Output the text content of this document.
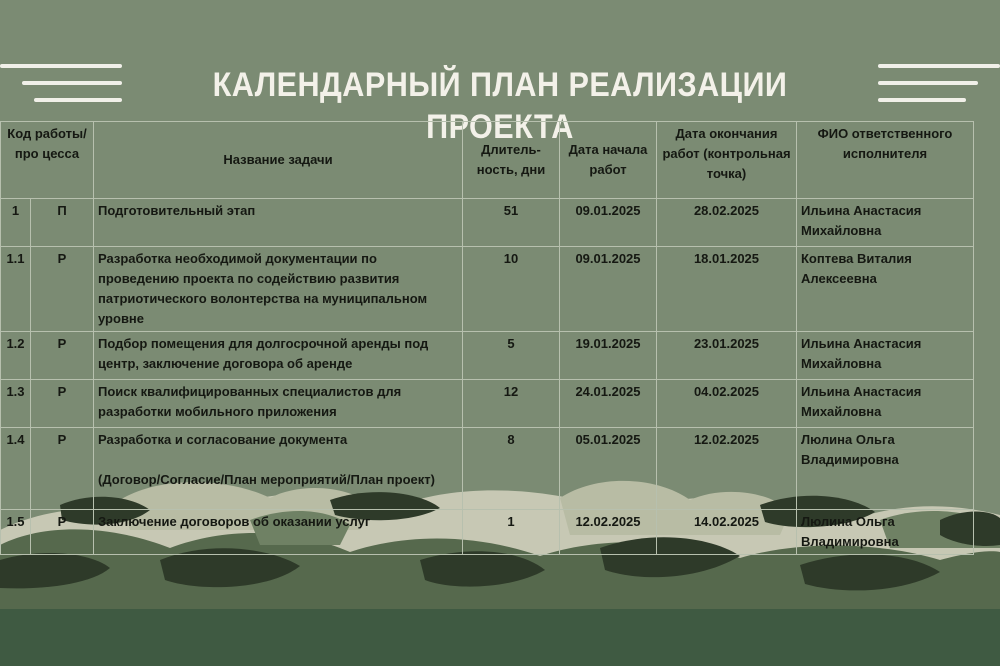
КАЛЕНДАРНЫЙ ПЛАН РЕАЛИЗАЦИИ ПРОЕКТА
Код работы/про цесса		Название задачи	Длитель- ность, дни	Дата начала работ	Дата окончания работ (контрольная точка)	ФИО ответственного исполнителя
1	П	Подготовительный этап	51	09.01.2025	28.02.2025	Ильина Анастасия Михайловна
1.1	Р	Разработка необходимой документации по проведению проекта по содействию развития патриотического волонтерства на муниципальном уровне	10	09.01.2025	18.01.2025	Коптева Виталия Алексеевна
1.2	Р	Подбор помещения для долгосрочной аренды под центр, заключение договора об аренде	5	19.01.2025	23.01.2025	Ильина Анастасия Михайловна
1.3	Р	Поиск квалифицированных специалистов для разработки мобильного приложения	12	24.01.2025	04.02.2025	Ильина Анастасия Михайловна
1.4	Р	Разработка и согласование документа

(Договор/Согласие/План мероприятий/План проект)	8	05.01.2025	12.02.2025	Люлина Ольга Владимировна
1.5	Р	Заключение договоров об оказании услуг	1	12.02.2025	14.02.2025	Люлина Ольга Владимировна
